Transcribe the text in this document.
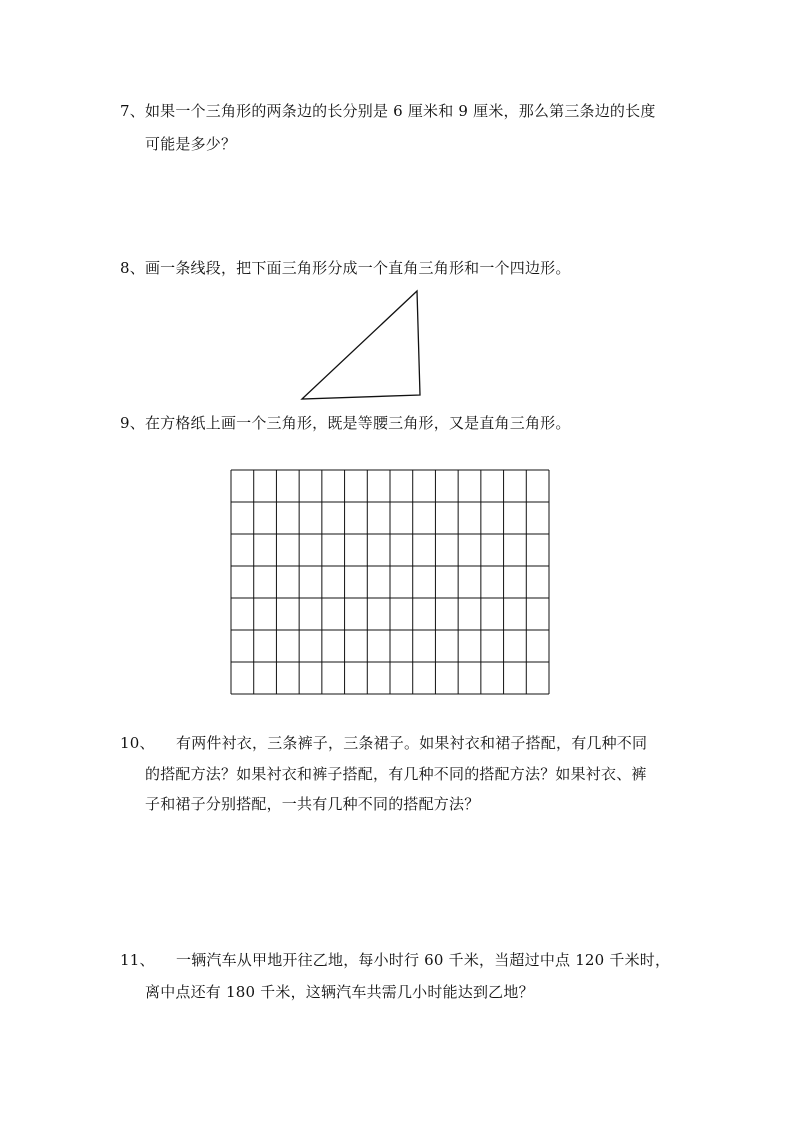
7、如果一个三角形的两条边的长分别是 6 厘米和 9 厘米，那么第三条边的长度
可能是多少？
8、画一条线段，把下面三角形分成一个直角三角形和一个四边形。
9、在方格纸上画一个三角形，既是等腰三角形，又是直角三角形。
10、 有两件衬衣，三条裤子，三条裙子。如果衬衣和裙子搭配，有几种不同
的搭配方法？如果衬衣和裤子搭配，有几种不同的搭配方法？如果衬衣、裤
子和裙子分别搭配，一共有几种不同的搭配方法？
11、 一辆汽车从甲地开往乙地，每小时行 60 千米，当超过中点 120 千米时，
离中点还有 180 千米，这辆汽车共需几小时能达到乙地？
